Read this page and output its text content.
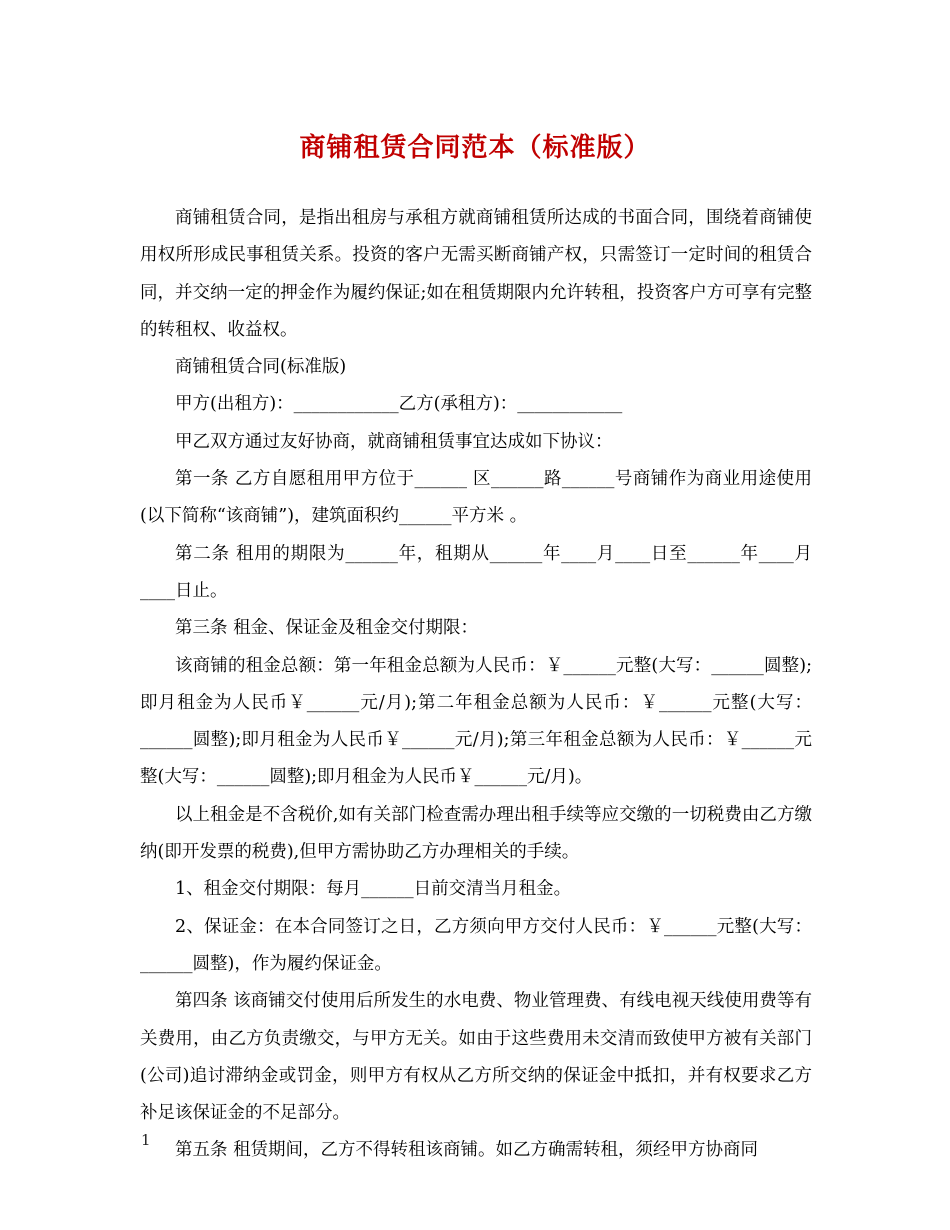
商铺租赁合同范本（标准版）

商铺租赁合同，是指出租房与承租方就商铺租赁所达成的书面合同，围绕着商铺使用权所形成民事租赁关系。投资的客户无需买断商铺产权，只需签订一定时间的租赁合同，并交纳一定的押金作为履约保证;如在租赁期限内允许转租，投资客户方可享有完整的转租权、收益权。

商铺租赁合同(标准版)

甲方(出租方)：____________乙方(承租方)：____________

甲乙双方通过友好协商，就商铺租赁事宜达成如下协议：

第一条 乙方自愿租用甲方位于______ 区______路______号商铺作为商业用途使用(以下简称“该商铺”)，建筑面积约______平方米 。

第二条 租用的期限为______年，租期从______年____月____日至______年____月____日止。

第三条 租金、保证金及租金交付期限：

该商铺的租金总额：第一年租金总额为人民币：￥______元整(大写：______圆整);即月租金为人民币￥______元/月);第二年租金总额为人民币：￥______元整(大写：______圆整);即月租金为人民币￥______元/月);第三年租金总额为人民币：￥______元整(大写：______圆整);即月租金为人民币￥______元/月)。

以上租金是不含税价,如有关部门检查需办理出租手续等应交缴的一切税费由乙方缴纳(即开发票的税费),但甲方需协助乙方办理相关的手续。

1、租金交付期限：每月______日前交清当月租金。

2、保证金：在本合同签订之日，乙方须向甲方交付人民币：￥______元整(大写：______圆整)，作为履约保证金。

第四条 该商铺交付使用后所发生的水电费、物业管理费、有线电视天线使用费等有关费用，由乙方负责缴交，与甲方无关。如由于这些费用未交清而致使甲方被有关部门(公司)追讨滞纳金或罚金，则甲方有权从乙方所交纳的保证金中抵扣，并有权要求乙方补足该保证金的不足部分。

第五条 租赁期间，乙方不得转租该商铺。如乙方确需转租，须经甲方协商同

1
